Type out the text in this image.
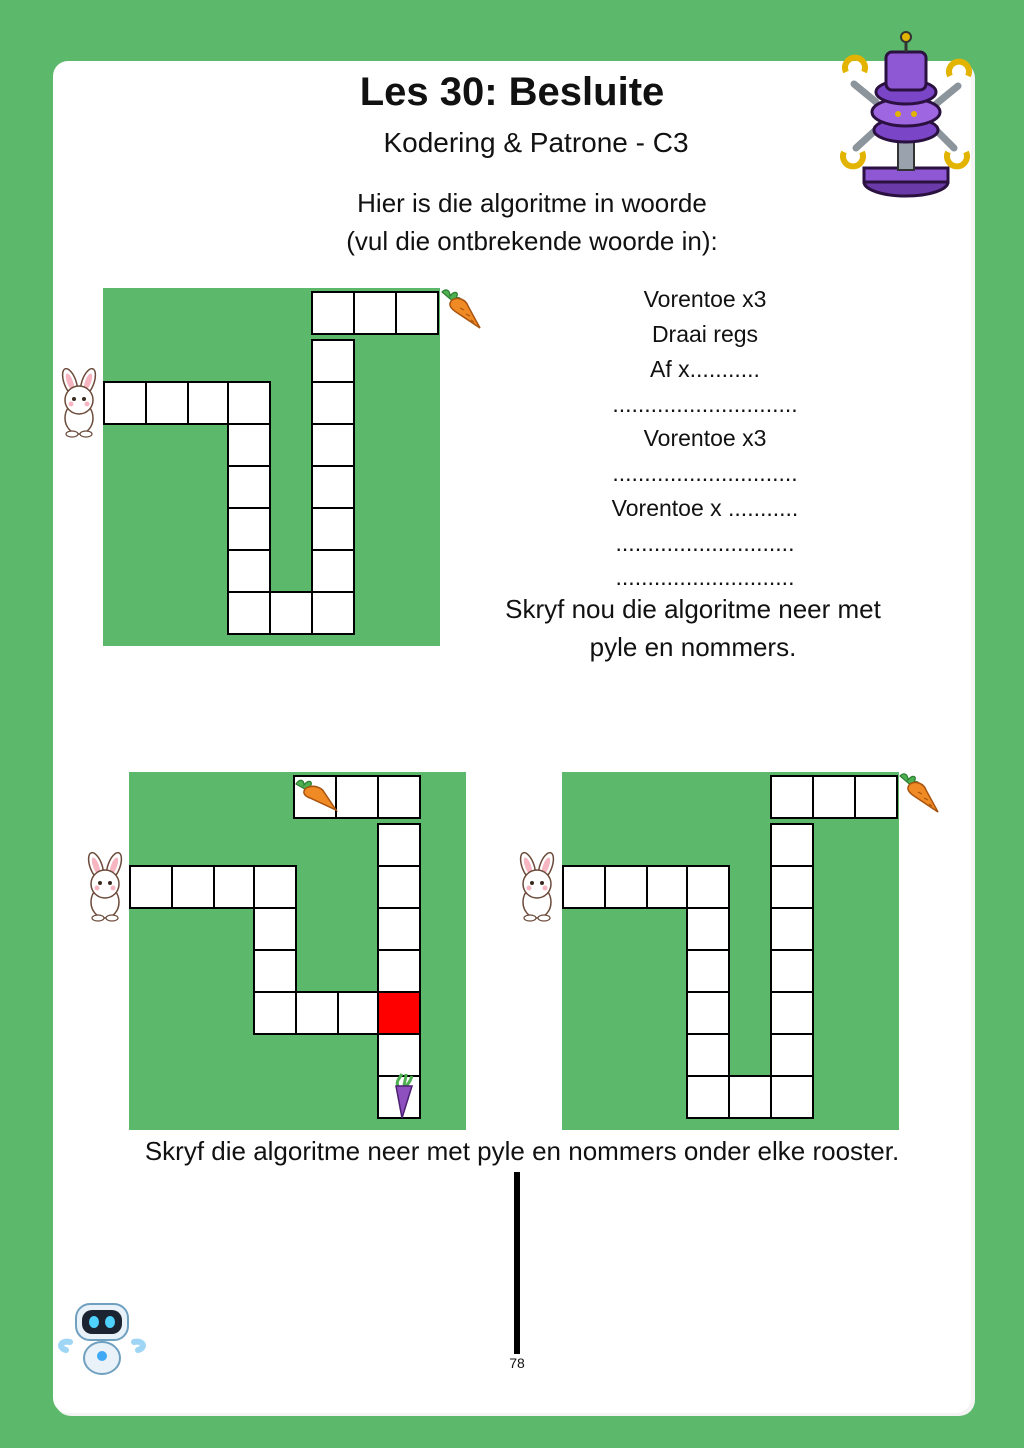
Les 30: Besluite
Kodering & Patrone - C3
Hier is die algoritme in woorde
(vul die ontbrekende woorde in):
Vorentoe x3
Draai regs
Af x...........
.............................
Vorentoe x3
.............................
Vorentoe x ...........
............................
............................
Skryf nou die algoritme neer met
pyle en nommers.
Skryf die algoritme neer met pyle en nommers onder elke rooster.
78
